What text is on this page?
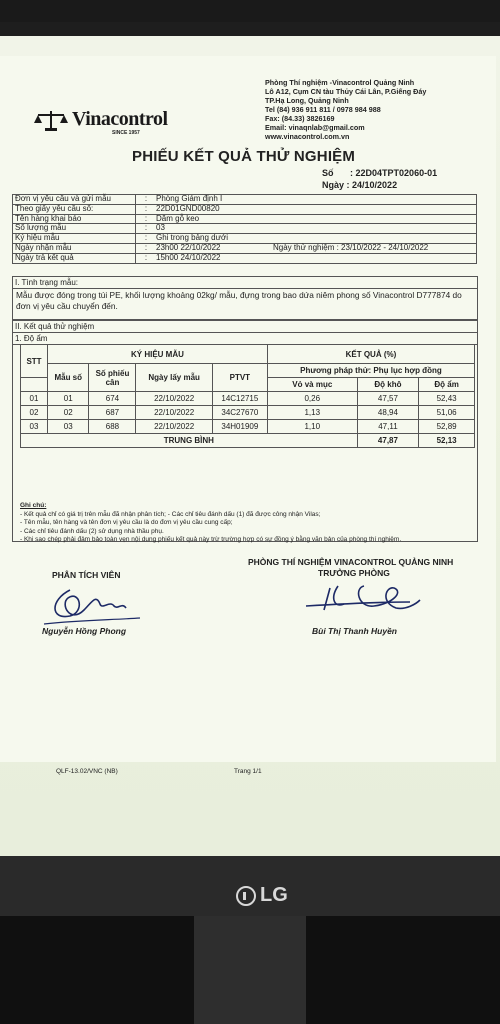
Vinacontrol
SINCE 1957
Phòng Thí nghiệm -Vinacontrol Quảng Ninh
Lô A12, Cụm CN tàu Thủy Cái Lân, P.Giếng Đáy
TP.Hạ Long, Quảng Ninh
Tel (84) 936 911 811 / 0978 984 988
Fax: (84.33) 3826169
Email: vinaqnlab@gmail.com
www.vinacontrol.com.vn
PHIẾU KẾT QUẢ THỬ NGHIỆM
Số : 22D04TPT02060-01
Ngày : 24/10/2022
Đơn vị yêu cầu và gửi mẫu	:	Phòng Giám định I
Theo giấy yêu cầu số:	:	22D01GND00820
Tên hàng khai báo	:	Dăm gỗ keo
Số lượng mẫu	:	03
Ký hiệu mẫu	:	Ghi trong bảng dưới
Ngày nhận mẫu	:	23h00 22/10/2022	Ngày thử nghiệm : 23/10/2022 - 24/10/2022
Ngày trả kết quả	:	15h00 24/10/2022
I. Tình trạng mẫu:
Mẫu được đóng trong túi PE, khối lượng khoảng 02kg/ mẫu, đựng trong bao dứa niêm phong số Vinacontrol D777874 do đơn vị yêu cầu chuyển đến.
II. Kết quả thử nghiệm
1. Độ ẩm
STT	KÝ HIỆU MẪU				KẾT QUẢ (%)		
	Mẫu số	Số phiếu cân	Ngày lấy mẫu	PTVT	Phương pháp thử: Phụ lục hợp đồng		
					Vỏ và mục	Độ khô	Độ ẩm
01	01	674	22/10/2022	14C12715	0,26	47,57	52,43
02	02	687	22/10/2022	34C27670	1,13	48,94	51,06
03	03	688	22/10/2022	34H01909	1,10	47,11	52,89
TRUNG BÌNH						47,87	52,13
Ghi chú:
- Kết quả chỉ có giá trị trên mẫu đã nhận phân tích; - Các chỉ tiêu đánh dấu (1) đã được công nhận Vilas;
- Tên mẫu, tên hàng và tên đơn vị yêu cầu là do đơn vị yêu cầu cung cấp;
- Các chỉ tiêu đánh dấu (2) sử dụng nhà thầu phụ.
- Khi sao chép phải đảm bảo toàn vẹn nội dung phiếu kết quả này trừ trường hợp có sự đồng ý bằng văn bản của phòng thí nghiệm.
PHÂN TÍCH VIÊN
PHÒNG THÍ NGHIỆM VINACONTROL QUẢNG NINH
TRƯỞNG PHÒNG
Nguyễn Hồng Phong	Bùi Thị Thanh Huyền
QLF-13.02/VNC (NB)	Trang 1/1
LG
